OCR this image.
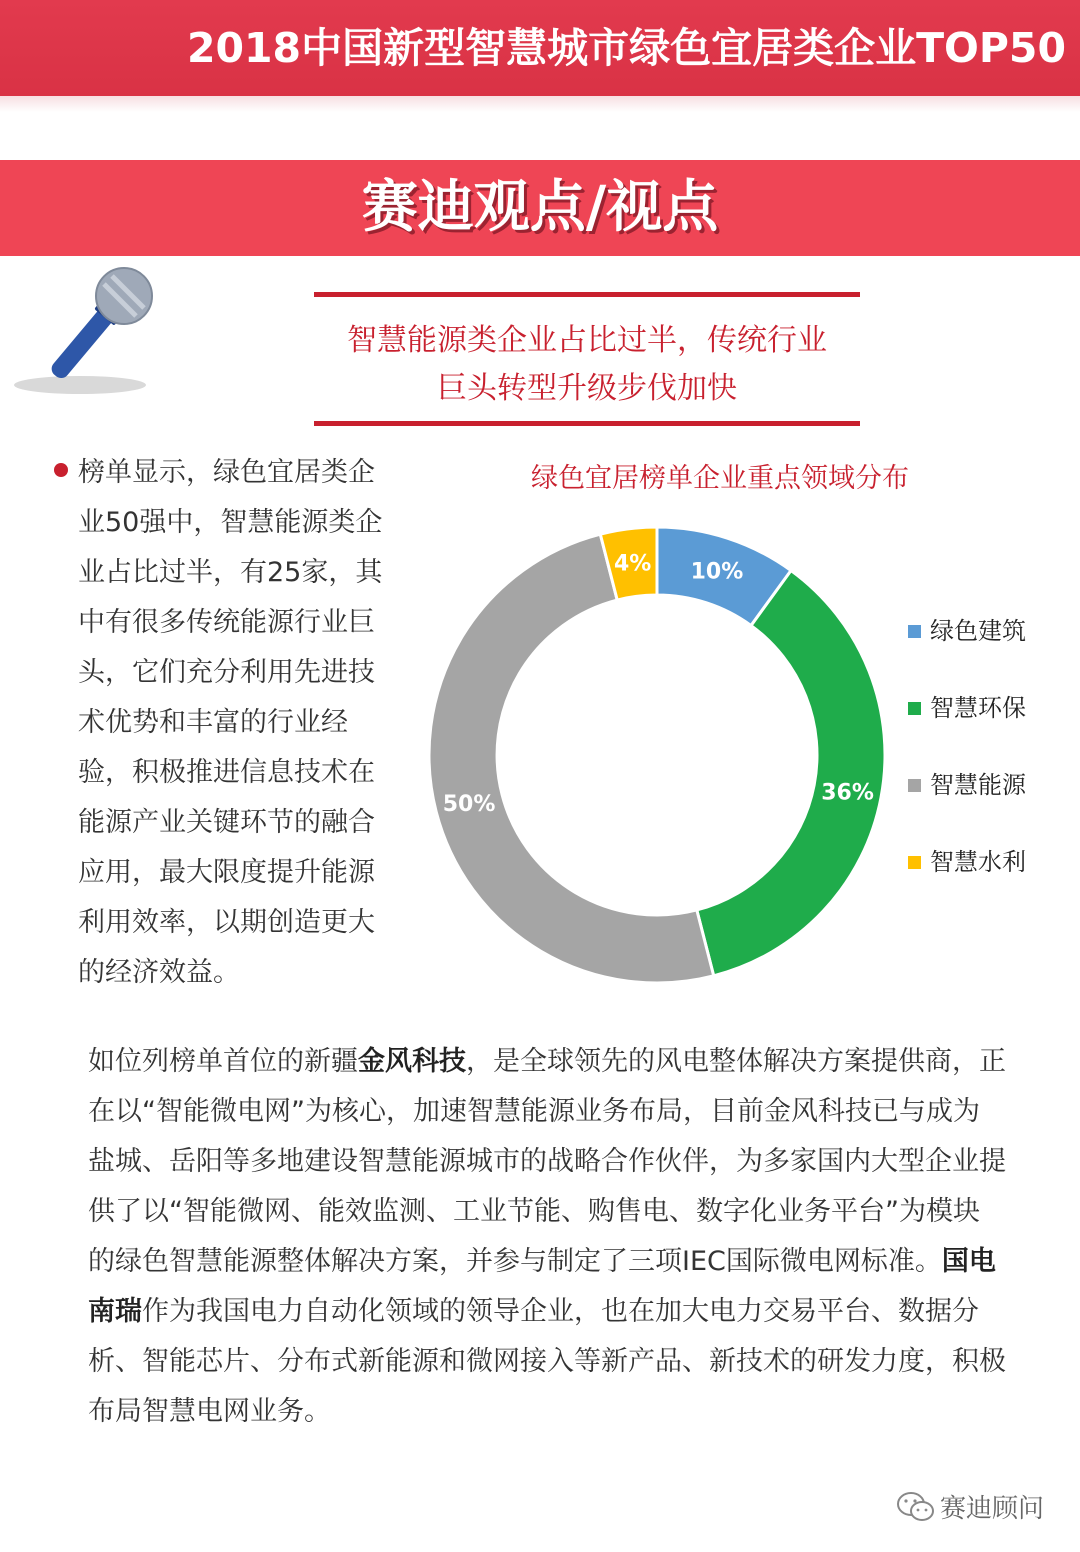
2018中国新型智慧城市绿色宜居类企业TOP50
赛迪观点/视点
智慧能源类企业占比过半，传统行业
巨头转型升级步伐加快
榜单显示，绿色宜居类企业50强中，智慧能源类企业占比过半，有25家，其中有很多传统能源行业巨头，它们充分利用先进技术优势和丰富的行业经验，积极推进信息技术在能源产业关键环节的融合应用，最大限度提升能源利用效率，以期创造更大的经济效益。
绿色宜居榜单企业重点领域分布
10%
36%
50%
4%
绿色建筑
智慧环保
智慧能源
智慧水利
如位列榜单首位的新疆金风科技，是全球领先的风电整体解决方案提供商，正在以“智能微电网”为核心，加速智慧能源业务布局，目前金风科技已与成为盐城、岳阳等多地建设智慧能源城市的战略合作伙伴，为多家国内大型企业提供了以“智能微网、能效监测、工业节能、购售电、数字化业务平台”为模块的绿色智慧能源整体解决方案，并参与制定了三项IEC国际微电网标准。国电南瑞作为我国电力自动化领域的领导企业，也在加大电力交易平台、数据分析、智能芯片、分布式新能源和微网接入等新产品、新技术的研发力度，积极布局智慧电网业务。
赛迪顾问
